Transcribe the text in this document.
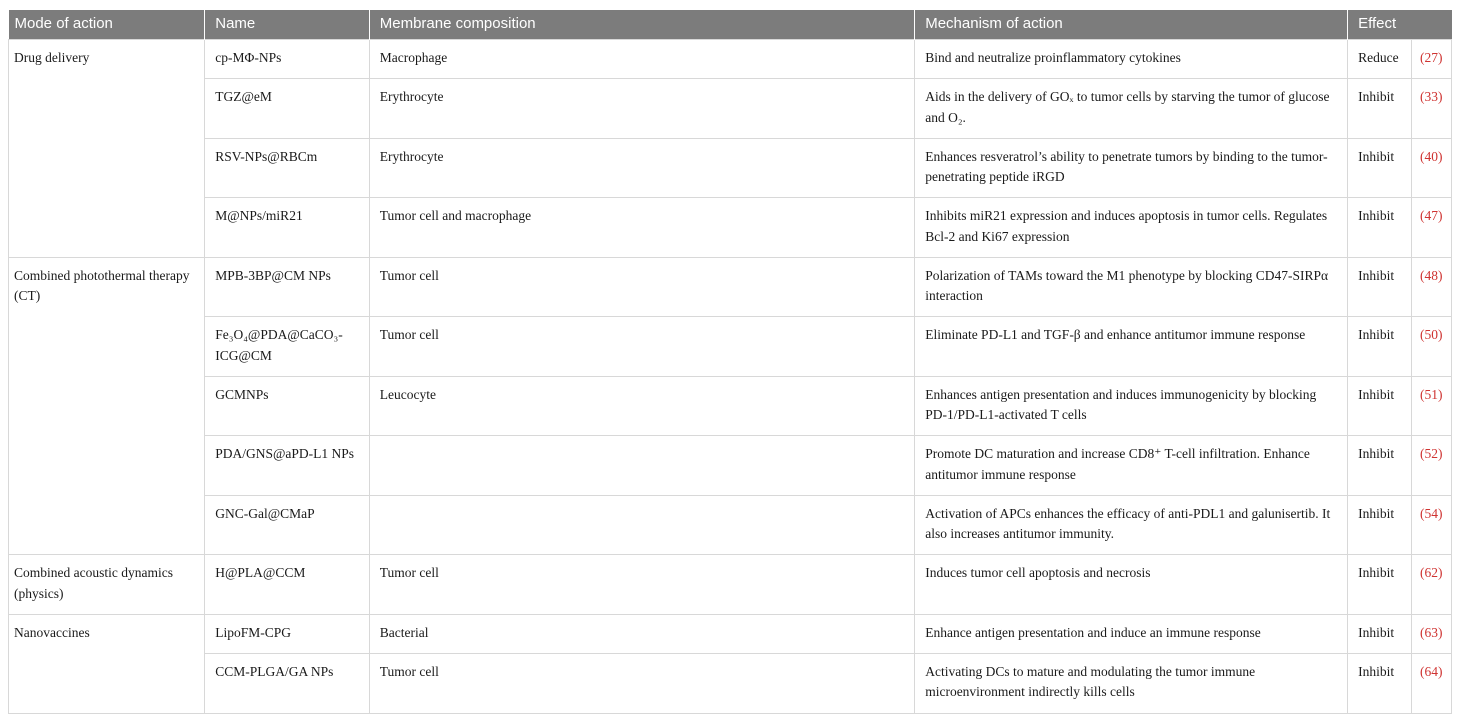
Mode of action	Name	Membrane composition	Mechanism of action	Effect	
Drug delivery	cp-MΦ-NPs	Macrophage	Bind and neutralize proinflammatory cytokines	Reduce	(27)
	TGZ@eM	Erythrocyte	Aids in the delivery of GOₓ to tumor cells by starving the tumor of glucose and O₂.	Inhibit	(33)
	RSV-NPs@RBCm	Erythrocyte	Enhances resveratrol’s ability to penetrate tumors by binding to the tumor-penetrating peptide iRGD	Inhibit	(40)
	M@NPs/miR21	Tumor cell and macrophage	Inhibits miR21 expression and induces apoptosis in tumor cells. Regulates Bcl-2 and Ki67 expression	Inhibit	(47)
Combined photothermal therapy (CT)	MPB-3BP@CM NPs	Tumor cell	Polarization of TAMs toward the M1 phenotype by blocking CD47-SIRPα interaction	Inhibit	(48)
	Fe₃O₄@PDA@CaCO₃-ICG@CM	Tumor cell	Eliminate PD-L1 and TGF-β and enhance antitumor immune response	Inhibit	(50)
	GCMNPs	Leucocyte	Enhances antigen presentation and induces immunogenicity by blocking PD-1/PD-L1-activated T cells	Inhibit	(51)
	PDA/GNS@aPD-L1 NPs		Promote DC maturation and increase CD8⁺ T-cell infiltration. Enhance antitumor immune response	Inhibit	(52)
	GNC-Gal@CMaP		Activation of APCs enhances the efficacy of anti-PDL1 and galunisertib. It also increases antitumor immunity.	Inhibit	(54)
Combined acoustic dynamics (physics)	H@PLA@CCM	Tumor cell	Induces tumor cell apoptosis and necrosis	Inhibit	(62)
Nanovaccines	LipoFM-CPG	Bacterial	Enhance antigen presentation and induce an immune response	Inhibit	(63)
	CCM-PLGA/GA NPs	Tumor cell	Activating DCs to mature and modulating the tumor immune microenvironment indirectly kills cells	Inhibit	(64)
